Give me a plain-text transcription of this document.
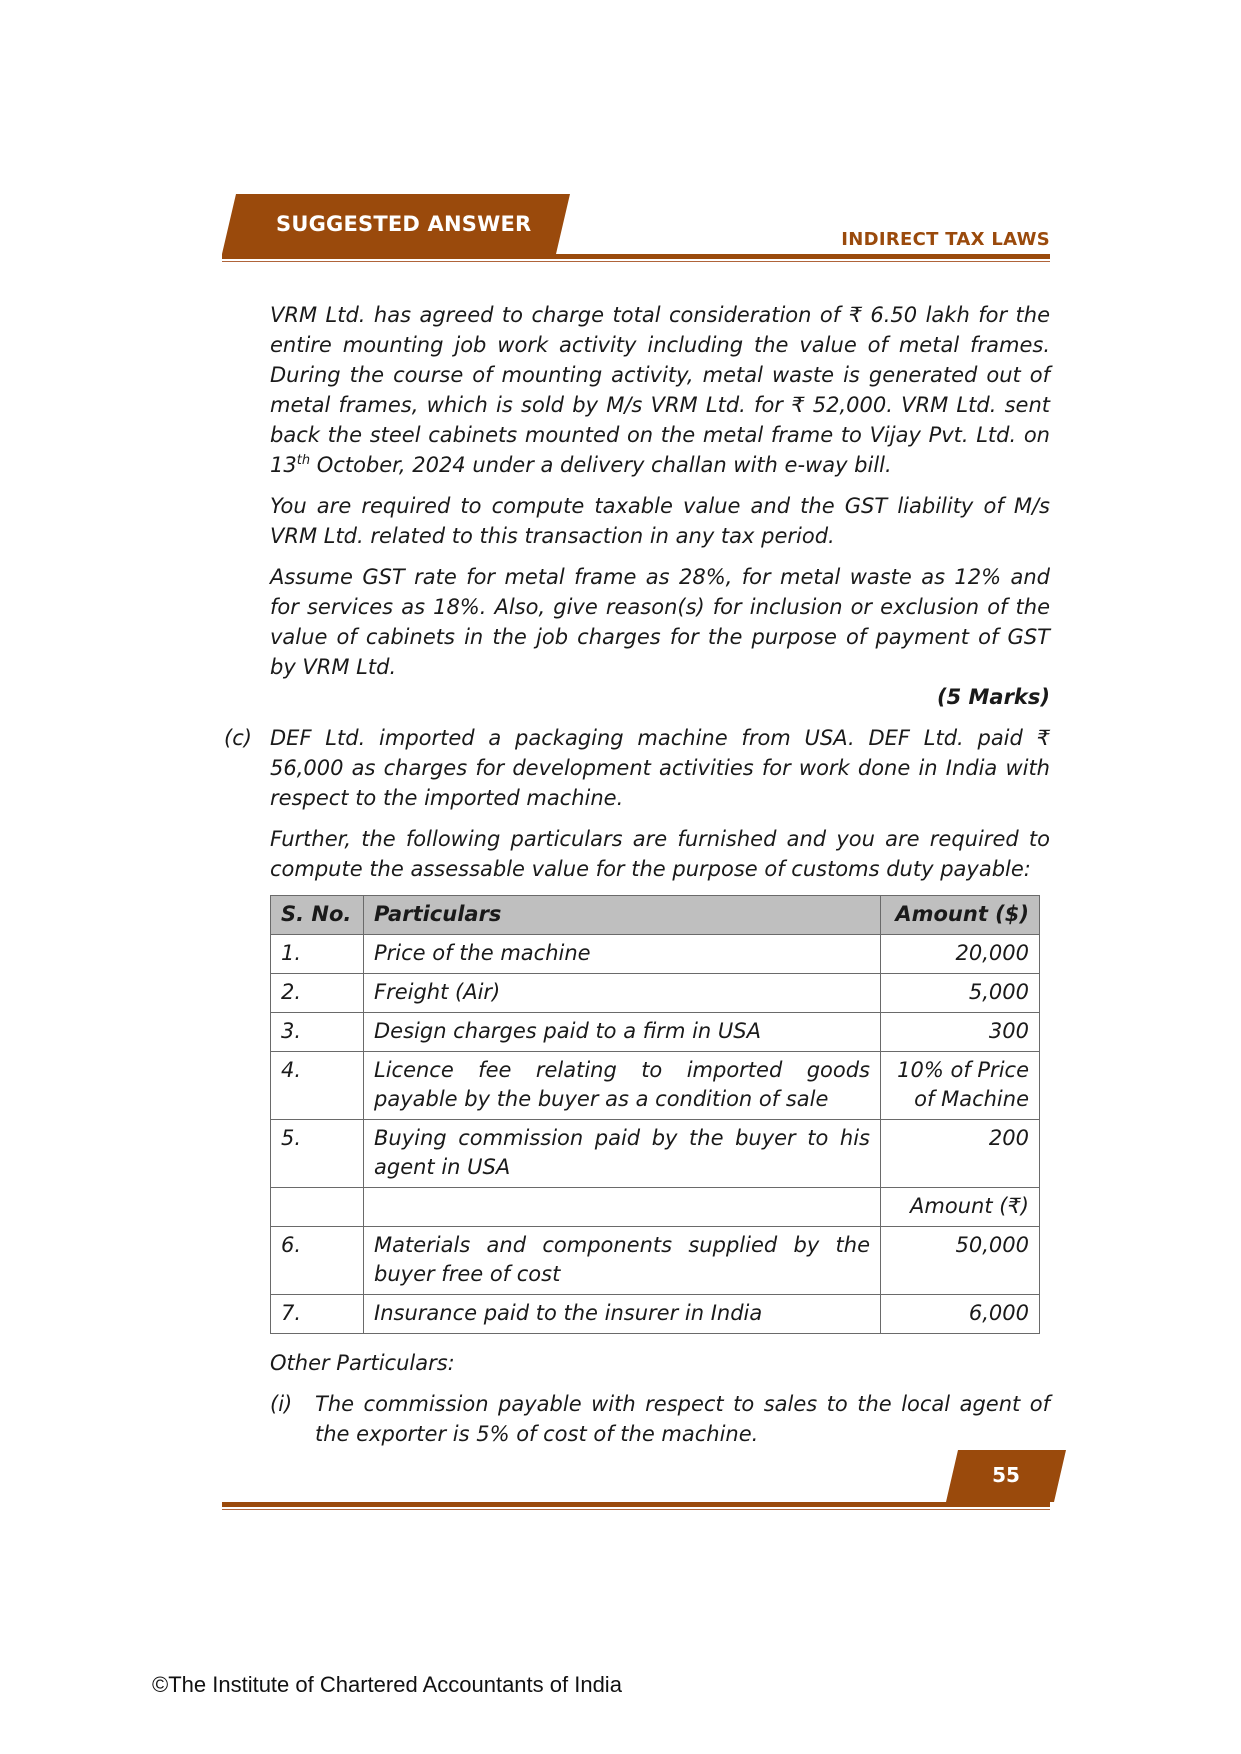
SUGGESTED ANSWER
INDIRECT TAX LAWS

VRM Ltd. has agreed to charge total consideration of ₹ 6.50 lakh for the entire mounting job work activity including the value of metal frames. During the course of mounting activity, metal waste is generated out of metal frames, which is sold by M/s VRM Ltd. for ₹ 52,000. VRM Ltd. sent back the steel cabinets mounted on the metal frame to Vijay Pvt. Ltd. on 13th October, 2024 under a delivery challan with e-way bill.

You are required to compute taxable value and the GST liability of M/s VRM Ltd. related to this transaction in any tax period.

Assume GST rate for metal frame as 28%, for metal waste as 12% and for services as 18%. Also, give reason(s) for inclusion or exclusion of the value of cabinets in the job charges for the purpose of payment of GST by VRM Ltd.

(5 Marks)
(c) DEF Ltd. imported a packaging machine from USA. DEF Ltd. paid ₹ 56,000 as charges for development activities for work done in India with respect to the imported machine.

Further, the following particulars are furnished and you are required to compute the assessable value for the purpose of customs duty payable:

S. No.	Particulars	Amount ($)
1.	Price of the machine	20,000
2.	Freight (Air)	5,000
3.	Design charges paid to a firm in USA	300
4.	Licence fee relating to imported goods payable by the buyer as a condition of sale	10% of Price of Machine
5.	Buying commission paid by the buyer to his agent in USA	200
		Amount (₹)
6.	Materials and components supplied by the buyer free of cost	50,000
7.	Insurance paid to the insurer in India	6,000

Other Particulars:

(i) The commission payable with respect to sales to the local agent of the exporter is 5% of cost of the machine.

55
©The Institute of Chartered Accountants of India
